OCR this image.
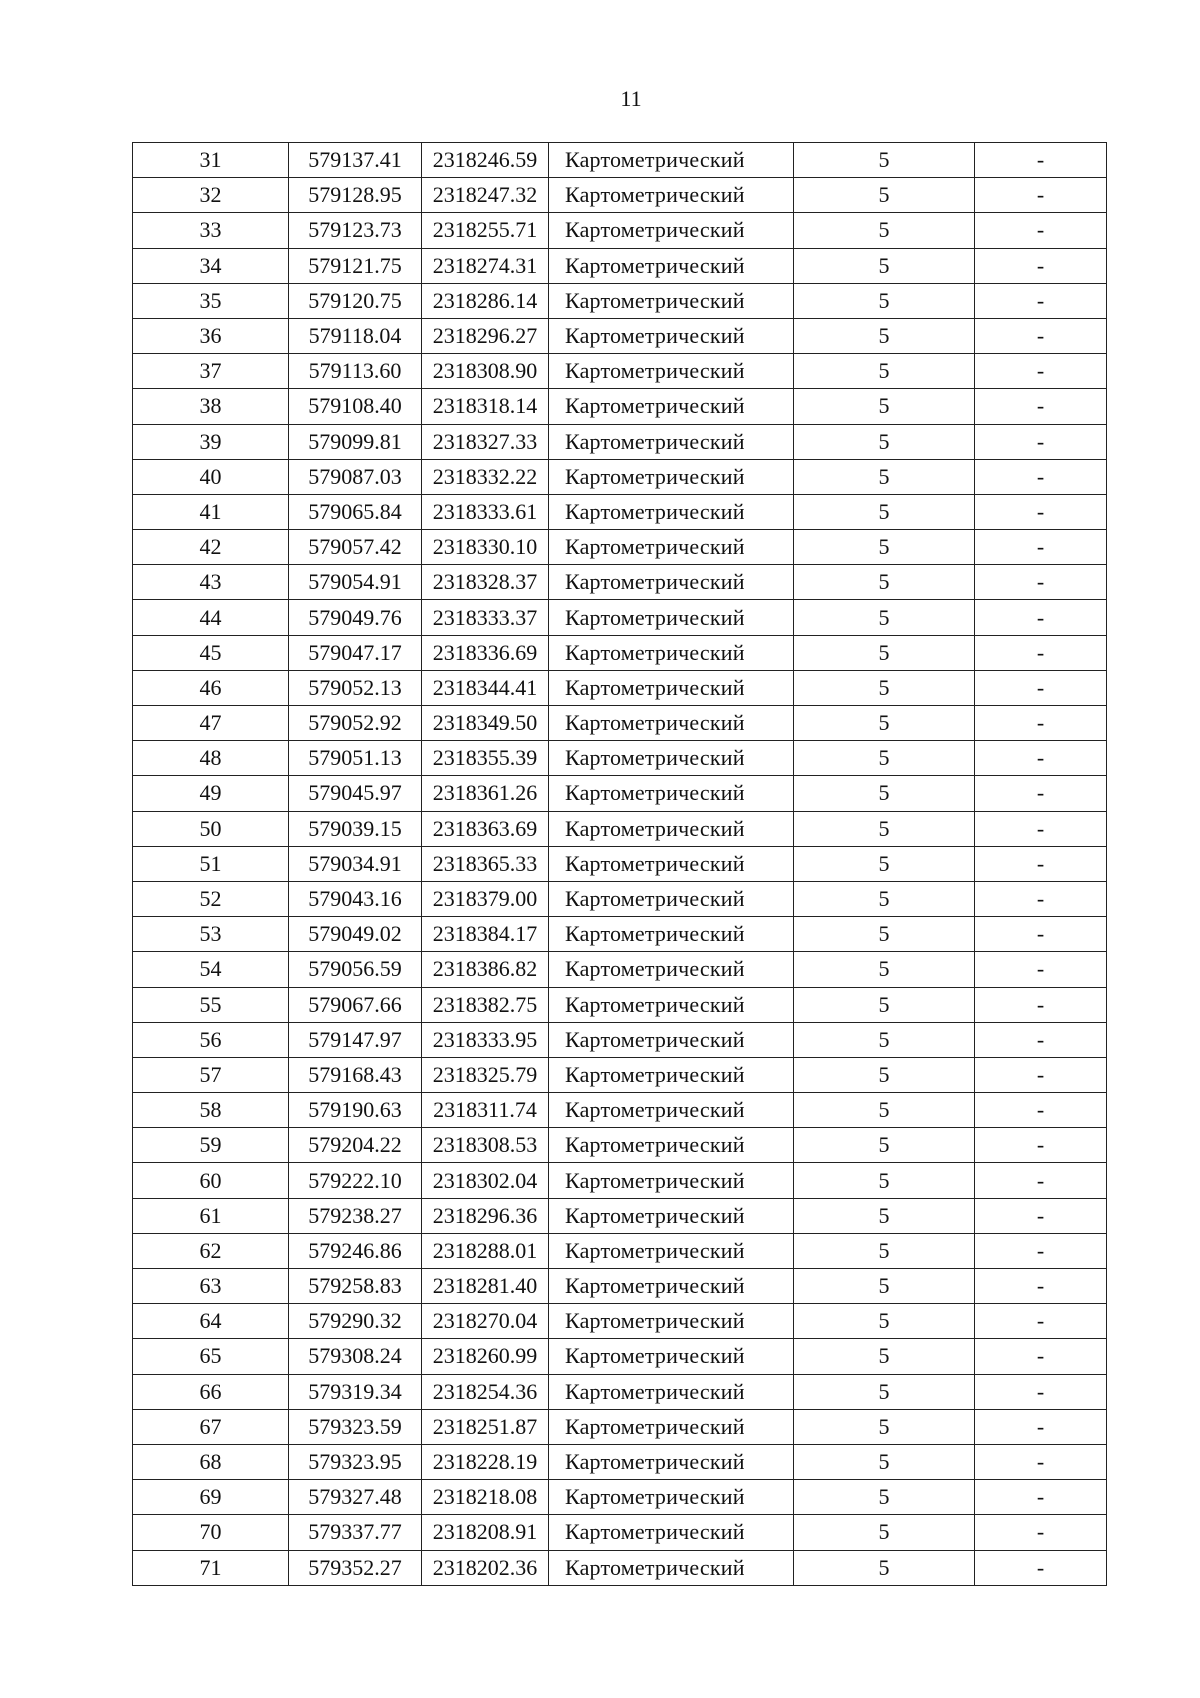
11
31	579137.41	2318246.59	Картометрический	5	-
32	579128.95	2318247.32	Картометрический	5	-
33	579123.73	2318255.71	Картометрический	5	-
34	579121.75	2318274.31	Картометрический	5	-
35	579120.75	2318286.14	Картометрический	5	-
36	579118.04	2318296.27	Картометрический	5	-
37	579113.60	2318308.90	Картометрический	5	-
38	579108.40	2318318.14	Картометрический	5	-
39	579099.81	2318327.33	Картометрический	5	-
40	579087.03	2318332.22	Картометрический	5	-
41	579065.84	2318333.61	Картометрический	5	-
42	579057.42	2318330.10	Картометрический	5	-
43	579054.91	2318328.37	Картометрический	5	-
44	579049.76	2318333.37	Картометрический	5	-
45	579047.17	2318336.69	Картометрический	5	-
46	579052.13	2318344.41	Картометрический	5	-
47	579052.92	2318349.50	Картометрический	5	-
48	579051.13	2318355.39	Картометрический	5	-
49	579045.97	2318361.26	Картометрический	5	-
50	579039.15	2318363.69	Картометрический	5	-
51	579034.91	2318365.33	Картометрический	5	-
52	579043.16	2318379.00	Картометрический	5	-
53	579049.02	2318384.17	Картометрический	5	-
54	579056.59	2318386.82	Картометрический	5	-
55	579067.66	2318382.75	Картометрический	5	-
56	579147.97	2318333.95	Картометрический	5	-
57	579168.43	2318325.79	Картометрический	5	-
58	579190.63	2318311.74	Картометрический	5	-
59	579204.22	2318308.53	Картометрический	5	-
60	579222.10	2318302.04	Картометрический	5	-
61	579238.27	2318296.36	Картометрический	5	-
62	579246.86	2318288.01	Картометрический	5	-
63	579258.83	2318281.40	Картометрический	5	-
64	579290.32	2318270.04	Картометрический	5	-
65	579308.24	2318260.99	Картометрический	5	-
66	579319.34	2318254.36	Картометрический	5	-
67	579323.59	2318251.87	Картометрический	5	-
68	579323.95	2318228.19	Картометрический	5	-
69	579327.48	2318218.08	Картометрический	5	-
70	579337.77	2318208.91	Картометрический	5	-
71	579352.27	2318202.36	Картометрический	5	-
